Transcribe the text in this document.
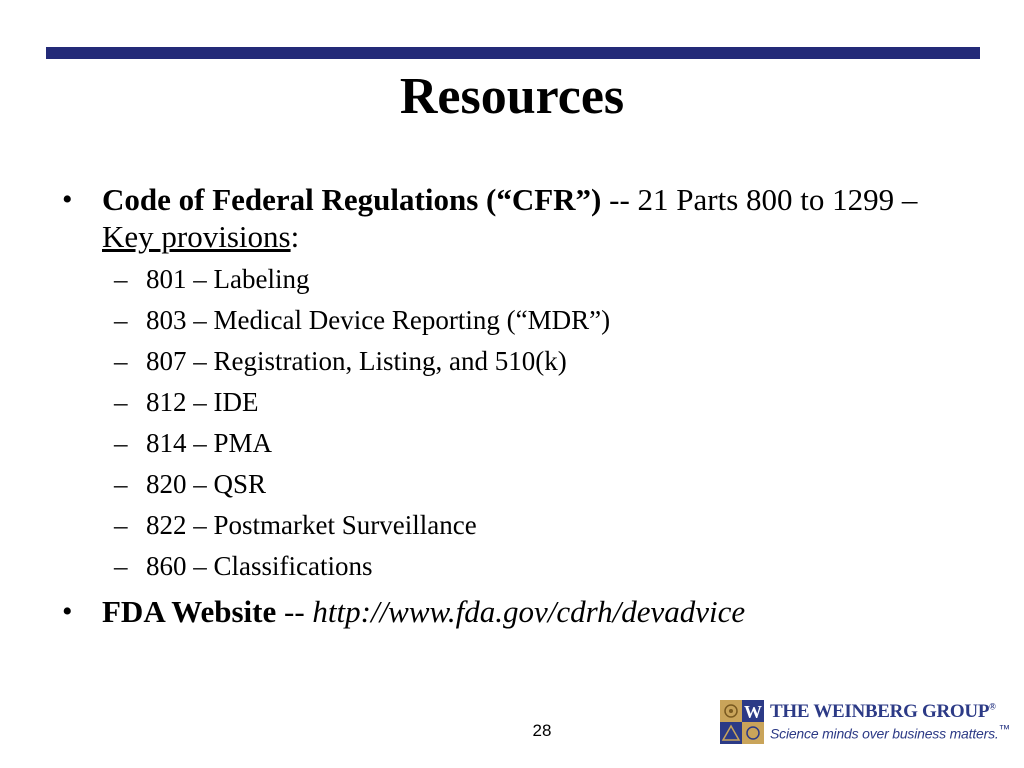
Resources
• Code of Federal Regulations (“CFR”) -- 21 Parts 800 to 1299 – Key provisions:
– 801 – Labeling
– 803 – Medical Device Reporting (“MDR”)
– 807 – Registration, Listing, and 510(k)
– 812 – IDE
– 814 – PMA
– 820 – QSR
– 822 – Postmarket Surveillance
– 860 – Classifications
• FDA Website -- http://www.fda.gov/cdrh/devadvice
28
W THE WEINBERG GROUP®
Science minds over business matters.™
